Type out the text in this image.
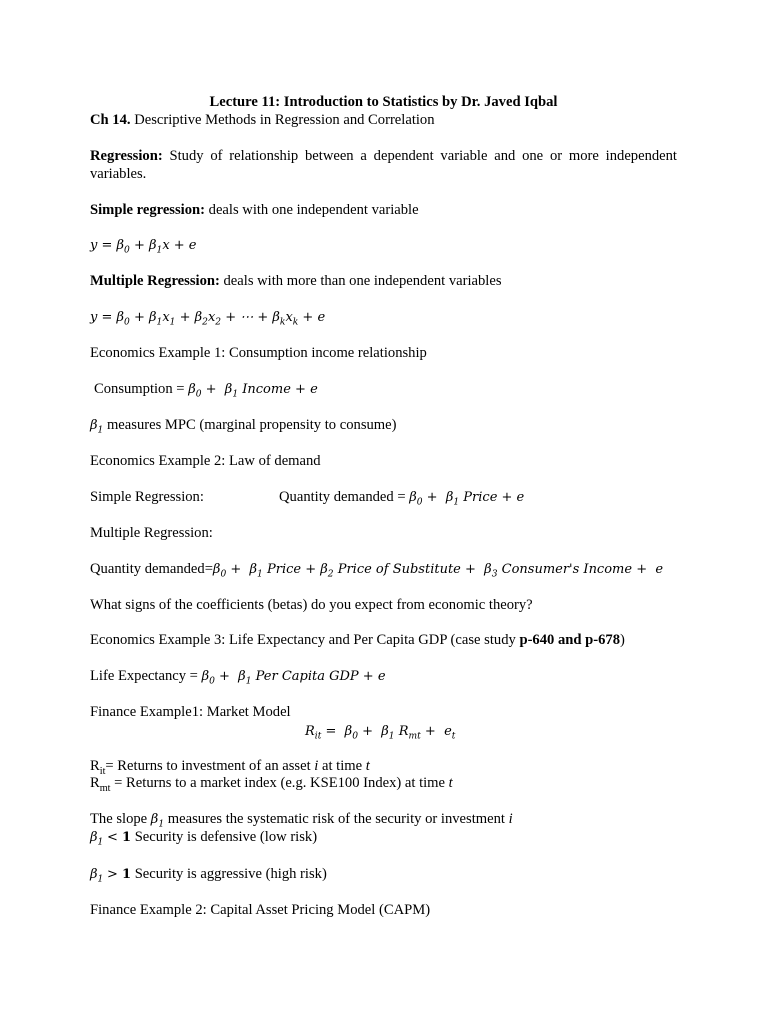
Lecture 11: Introduction to Statistics by Dr. Javed Iqbal
Ch 14. Descriptive Methods in Regression and Correlation
Regression: Study of relationship between a dependent variable and one or more independent variables.
Simple regression: deals with one independent variable
$y = \beta_0 + \beta_1x + e$
Multiple Regression: deals with more than one independent variables
$y = \beta_0 + \beta_1x_1 + \beta_2x_2$ + ⋯ + $\beta_kx_k + e$
Economics Example 1: Consumption income relationship
Consumption = $\beta_0 + \beta_1$ Income + e
$\beta_1$ measures MPC (marginal propensity to consume)
Economics Example 2: Law of demand
Simple Regression:	Quantity demanded = $\beta_0 + \beta_1$ Price + e
Multiple Regression:
Quantity $demanded=\beta_0 + \beta_1$ Price + $\beta_2$ Price of Substitute +  $\beta_3$ Consumer's Income +  e
What signs of the coefficients (betas) do you expect from economic theory?
Economics Example 3: Life Expectancy and Per Capita GDP (case study p-640 and p-678)
Life Expectancy = $\beta_0 + \beta_1$ Per Capita GDP + e
Finance Example1: Market Model
$R_{it} = \beta_0 + \beta_1$ $R_{mt} + e_t$
$R_{it}=$ Returns to investment of an asset i at time t
$R_{mt}$ = Returns to a market index (e.g. KSE100 Index) at time t
The slope $\beta_1$ measures the systematic risk of the security or investment i
$\beta_1 < 1$ Security is defensive (low risk)
$\beta_1 > 1$ Security is aggressive (high risk)
Finance Example 2: Capital Asset Pricing Model (CAPM)
